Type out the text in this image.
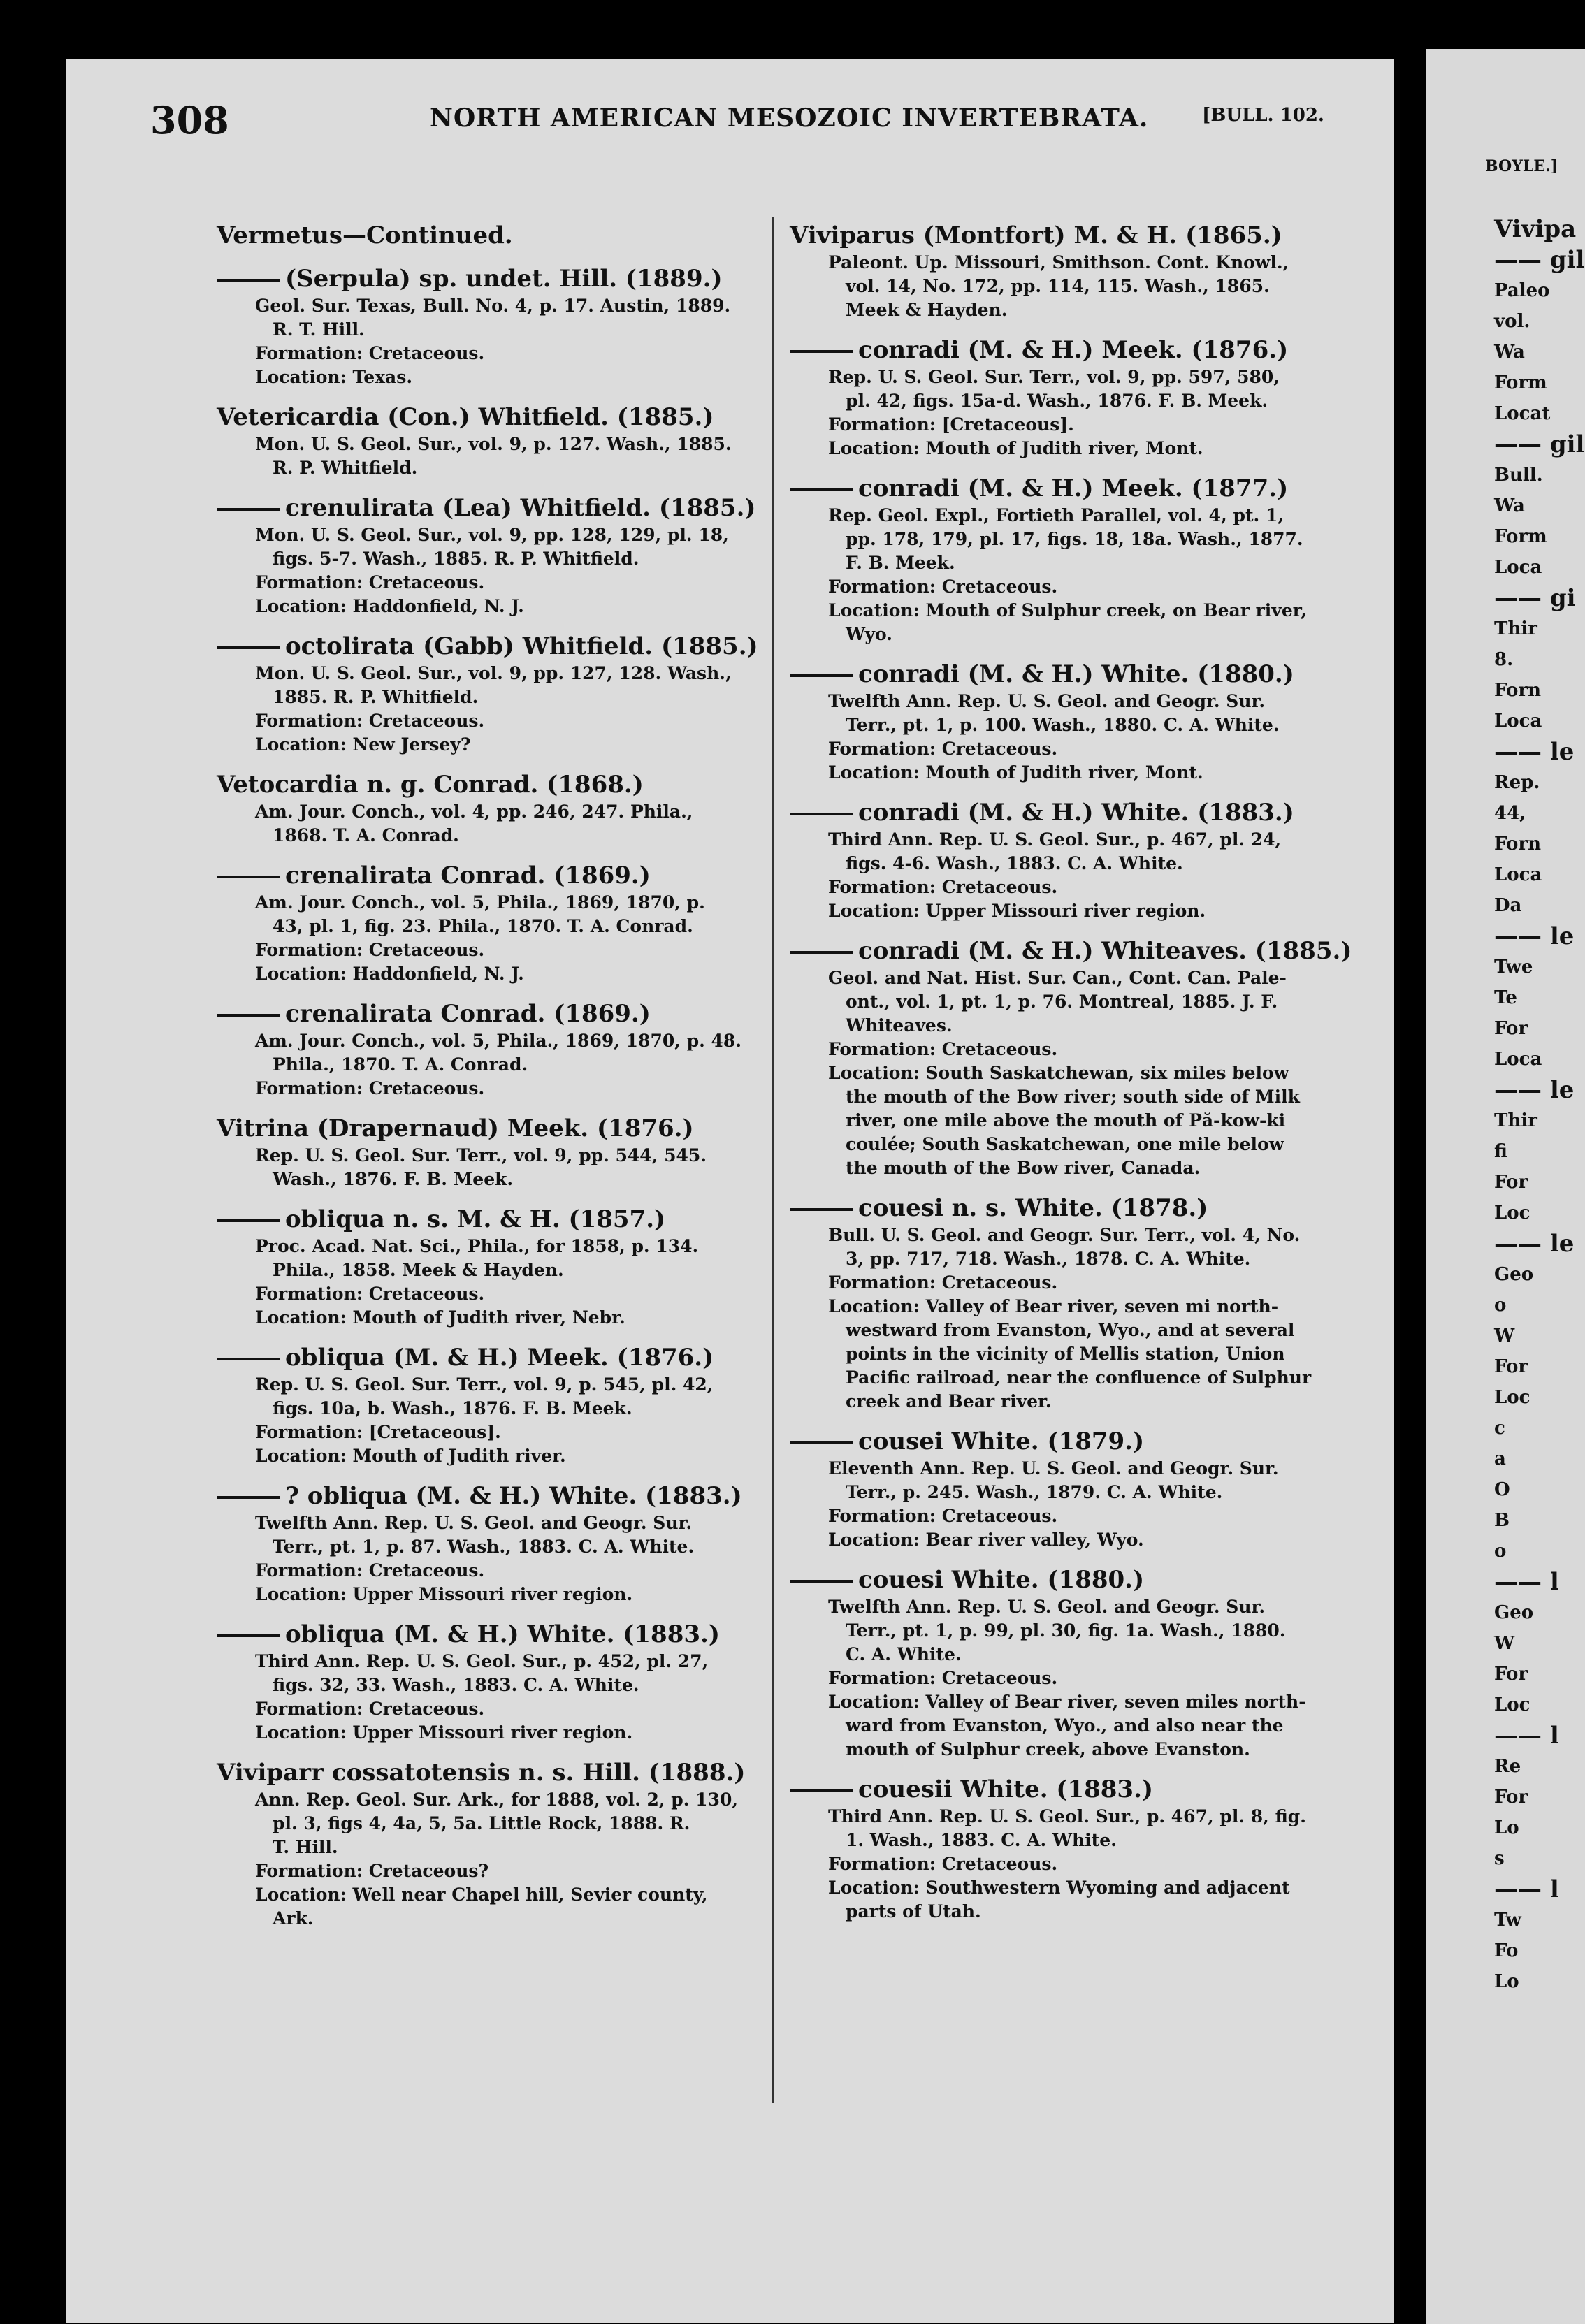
BOYLE.]
Vivipa
—— gil
Paleo
vol.
Wa
Form
Locat
—— gil
Bull.
Wa
Form
Loca
—— gi
Thir
8.
Forn
Loca
—— le
Rep.
44,
Forn
Loca
Da
—— le
Twe
Te
For
Loca
—— le
Thir
fi
For
Loc
—— le
Geo
o
W
For
Loc
c
a
O
B
o
—— l
Geo
W
For
Loc
—— l
Re
For
Lo
s
—— l
Tw
Fo
Lo
308	NORTH AMERICAN MESOZOIC INVERTEBRATA.	[BULL. 102.
Vermetus—Continued.
(Serpula) sp. undet. Hill. (1889.)
Geol. Sur. Texas, Bull. No. 4, p. 17. Austin, 1889.
R. T. Hill.
Formation: Cretaceous.
Location: Texas.
Vetericardia (Con.) Whitfield. (1885.)
Mon. U. S. Geol. Sur., vol. 9, p. 127. Wash., 1885.
R. P. Whitfield.
crenulirata (Lea) Whitfield. (1885.)
Mon. U. S. Geol. Sur., vol. 9, pp. 128, 129, pl. 18,
figs. 5-7. Wash., 1885. R. P. Whitfield.
Formation: Cretaceous.
Location: Haddonfield, N. J.
octolirata (Gabb) Whitfield. (1885.)
Mon. U. S. Geol. Sur., vol. 9, pp. 127, 128. Wash.,
1885. R. P. Whitfield.
Formation: Cretaceous.
Location: New Jersey?
Vetocardia n. g. Conrad. (1868.)
Am. Jour. Conch., vol. 4, pp. 246, 247. Phila.,
1868. T. A. Conrad.
crenalirata Conrad. (1869.)
Am. Jour. Conch., vol. 5, Phila., 1869, 1870, p.
43, pl. 1, fig. 23. Phila., 1870. T. A. Conrad.
Formation: Cretaceous.
Location: Haddonfield, N. J.
crenalirata Conrad. (1869.)
Am. Jour. Conch., vol. 5, Phila., 1869, 1870, p. 48.
Phila., 1870. T. A. Conrad.
Formation: Cretaceous.
Vitrina (Drapernaud) Meek. (1876.)
Rep. U. S. Geol. Sur. Terr., vol. 9, pp. 544, 545.
Wash., 1876. F. B. Meek.
obliqua n. s. M. & H. (1857.)
Proc. Acad. Nat. Sci., Phila., for 1858, p. 134.
Phila., 1858. Meek & Hayden.
Formation: Cretaceous.
Location: Mouth of Judith river, Nebr.
obliqua (M. & H.) Meek. (1876.)
Rep. U. S. Geol. Sur. Terr., vol. 9, p. 545, pl. 42,
figs. 10a, b. Wash., 1876. F. B. Meek.
Formation: [Cretaceous].
Location: Mouth of Judith river.
? obliqua (M. & H.) White. (1883.)
Twelfth Ann. Rep. U. S. Geol. and Geogr. Sur.
Terr., pt. 1, p. 87. Wash., 1883. C. A. White.
Formation: Cretaceous.
Location: Upper Missouri river region.
obliqua (M. & H.) White. (1883.)
Third Ann. Rep. U. S. Geol. Sur., p. 452, pl. 27,
figs. 32, 33. Wash., 1883. C. A. White.
Formation: Cretaceous.
Location: Upper Missouri river region.
Viviparr cossatotensis n. s. Hill. (1888.)
Ann. Rep. Geol. Sur. Ark., for 1888, vol. 2, p. 130,
pl. 3, figs 4, 4a, 5, 5a. Little Rock, 1888. R.
T. Hill.
Formation: Cretaceous?
Location: Well near Chapel hill, Sevier county,
Ark.
Viviparus (Montfort) M. & H. (1865.)
Paleont. Up. Missouri, Smithson. Cont. Knowl.,
vol. 14, No. 172, pp. 114, 115. Wash., 1865.
Meek & Hayden.
conradi (M. & H.) Meek. (1876.)
Rep. U. S. Geol. Sur. Terr., vol. 9, pp. 597, 580,
pl. 42, figs. 15a-d. Wash., 1876. F. B. Meek.
Formation: [Cretaceous].
Location: Mouth of Judith river, Mont.
conradi (M. & H.) Meek. (1877.)
Rep. Geol. Expl., Fortieth Parallel, vol. 4, pt. 1,
pp. 178, 179, pl. 17, figs. 18, 18a. Wash., 1877.
F. B. Meek.
Formation: Cretaceous.
Location: Mouth of Sulphur creek, on Bear river,
Wyo.
conradi (M. & H.) White. (1880.)
Twelfth Ann. Rep. U. S. Geol. and Geogr. Sur.
Terr., pt. 1, p. 100. Wash., 1880. C. A. White.
Formation: Cretaceous.
Location: Mouth of Judith river, Mont.
conradi (M. & H.) White. (1883.)
Third Ann. Rep. U. S. Geol. Sur., p. 467, pl. 24,
figs. 4-6. Wash., 1883. C. A. White.
Formation: Cretaceous.
Location: Upper Missouri river region.
conradi (M. & H.) Whiteaves. (1885.)
Geol. and Nat. Hist. Sur. Can., Cont. Can. Pale-
ont., vol. 1, pt. 1, p. 76. Montreal, 1885. J. F.
Whiteaves.
Formation: Cretaceous.
Location: South Saskatchewan, six miles below
the mouth of the Bow river; south side of Milk
river, one mile above the mouth of Pă-kow-ki
coulée; South Saskatchewan, one mile below
the mouth of the Bow river, Canada.
couesi n. s. White. (1878.)
Bull. U. S. Geol. and Geogr. Sur. Terr., vol. 4, No.
3, pp. 717, 718. Wash., 1878. C. A. White.
Formation: Cretaceous.
Location: Valley of Bear river, seven mi north-
westward from Evanston, Wyo., and at several
points in the vicinity of Mellis station, Union
Pacific railroad, near the confluence of Sulphur
creek and Bear river.
cousei White. (1879.)
Eleventh Ann. Rep. U. S. Geol. and Geogr. Sur.
Terr., p. 245. Wash., 1879. C. A. White.
Formation: Cretaceous.
Location: Bear river valley, Wyo.
couesi White. (1880.)
Twelfth Ann. Rep. U. S. Geol. and Geogr. Sur.
Terr., pt. 1, p. 99, pl. 30, fig. 1a. Wash., 1880.
C. A. White.
Formation: Cretaceous.
Location: Valley of Bear river, seven miles north-
ward from Evanston, Wyo., and also near the
mouth of Sulphur creek, above Evanston.
couesii White. (1883.)
Third Ann. Rep. U. S. Geol. Sur., p. 467, pl. 8, fig.
1. Wash., 1883. C. A. White.
Formation: Cretaceous.
Location: Southwestern Wyoming and adjacent
parts of Utah.
